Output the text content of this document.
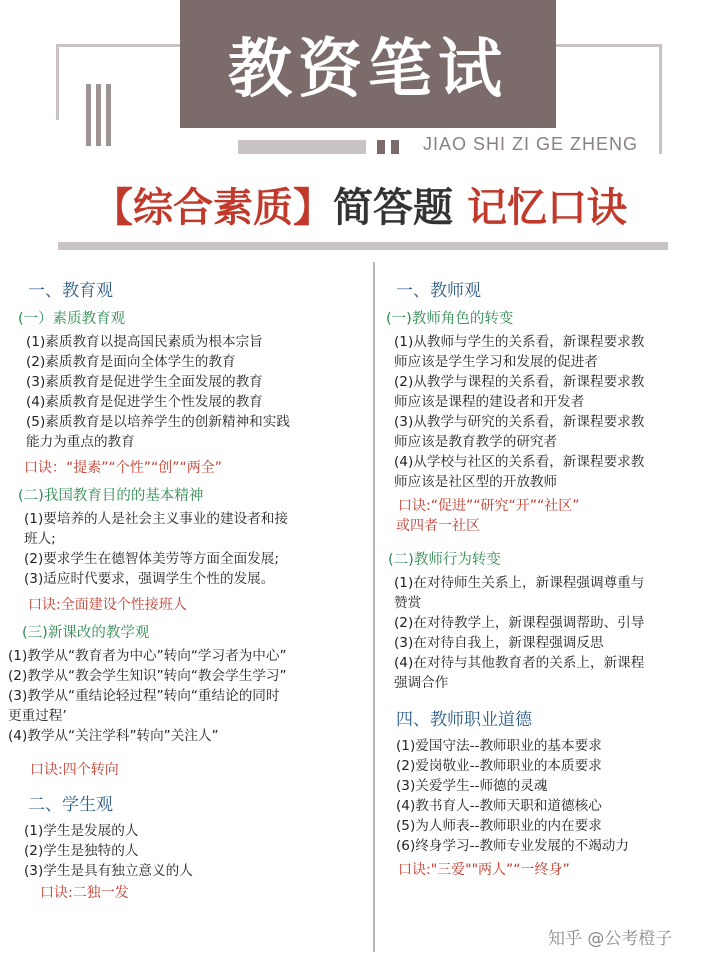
教资笔试
JIAO SHI ZI GE ZHENG
【综合素质】简答题 记忆口诀
一、教育观
(一）素质教育观
(1)素质教育以提高国民素质为根本宗旨
(2)素质教育是面向全体学生的教育
(3)素质教育是促进学生全面发展的教育
(4)素质教育是促进学生个性发展的教育
(5)素质教育是以培养学生的创新精神和实践
能力为重点的教育
口诀：“提素”“个性”“创”“两全”
(二)我国教育目的的基本精神
(1)要培养的人是社会主义事业的建设者和接
班人;
(2)要求学生在德智体美劳等方面全面发展;
(3)适应时代要求，强调学生个性的发展。
口诀:全面建设个性接班人
(三)新课改的教学观
(1)教学从“教育者为中心”转向“学习者为中心”
(2)教学从“教会学生知识”转向“教会学生学习”
(3)教学从“重结论轻过程”转向“重结论的同时
更重过程’
(4)教学从“关注学科”转向”关注人”
口诀:四个转向
二、学生观
(1)学生是发展的人
(2)学生是独特的人
(3)学生是具有独立意义的人
口诀:二独一发
一、教师观
(一)教师角色的转变
(1)从教师与学生的关系看，新课程要求教
师应该是学生学习和发展的促进者
(2)从教学与课程的关系看，新课程要求教
师应该是课程的建设者和开发者
(3)从教学与研究的关系看，新课程要求教
师应该是教育教学的研究者
(4)从学校与社区的关系看，新课程要求教
师应该是社区型的开放教师
口诀:“促进”“研究“开”“社区”
或四者一社区
(二)教师行为转变
(1)在对待师生关系上，新课程强调尊重与
赞赏
(2)在对待教学上，新课程强调帮助、引导
(3)在对待自我上，新课程强调反思
(4)在对待与其他教育者的关系上，新课程
强调合作
四、教师职业道德
(1)爱国守法--教师职业的基本要求
(2)爱岗敬业--教师职业的本质要求
(3)关爱学生--师德的灵魂
(4)教书育人--教师天职和道德核心
(5)为人师表--教师职业的内在要求
(6)终身学习--教师专业发展的不竭动力
口诀:"三爱""两人”“一终身”
知乎 @公考橙子
